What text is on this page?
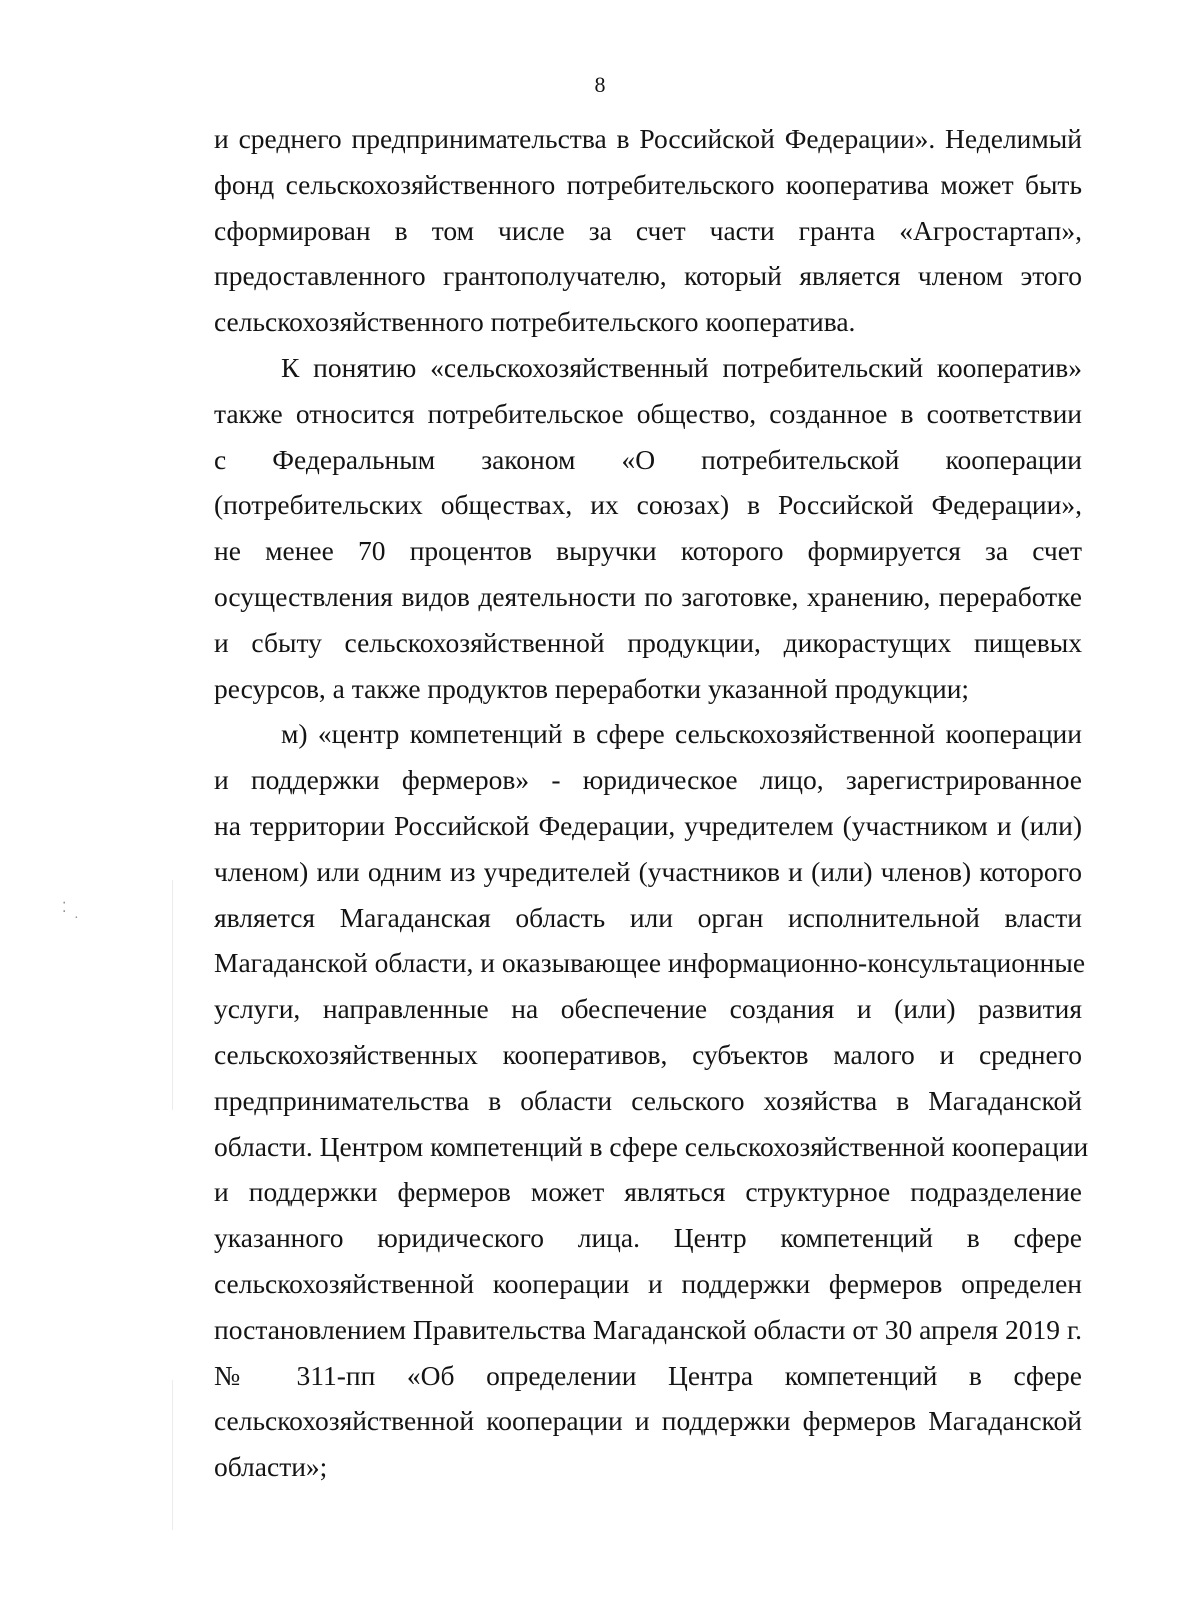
⁚
·
8
и среднего предпринимательства в Российской Федерации». Неделимый
фонд сельскохозяйственного потребительского кооператива может быть
сформирован в том числе за счет части гранта «Агростартап»,
предоставленного грантополучателю, который является членом этого
сельскохозяйственного потребительского кооператива.
К понятию «сельскохозяйственный потребительский кооператив»
также относится потребительское общество, созданное в соответствии
с Федеральным законом «О потребительской кооперации
(потребительских обществах, их союзах) в Российской Федерации»,
не менее 70 процентов выручки которого формируется за счет
осуществления видов деятельности по заготовке, хранению, переработке
и сбыту сельскохозяйственной продукции, дикорастущих пищевых
ресурсов, а также продуктов переработки указанной продукции;
м) «центр компетенций в сфере сельскохозяйственной кооперации
и поддержки фермеров» - юридическое лицо, зарегистрированное
на территории Российской Федерации, учредителем (участником и (или)
членом) или одним из учредителей (участников и (или) членов) которого
является Магаданская область или орган исполнительной власти
Магаданской области, и оказывающее информационно-консультационные
услуги, направленные на обеспечение создания и (или) развития
сельскохозяйственных кооперативов, субъектов малого и среднего
предпринимательства в области сельского хозяйства в Магаданской
области. Центром компетенций в сфере сельскохозяйственной кооперации
и поддержки фермеров может являться структурное подразделение
указанного юридического лица. Центр компетенций в сфере
сельскохозяйственной кооперации и поддержки фермеров определен
постановлением Правительства Магаданской области от 30 апреля 2019 г.
№ 311-пп «Об определении Центра компетенций в сфере
сельскохозяйственной кооперации и поддержки фермеров Магаданской
области»;
